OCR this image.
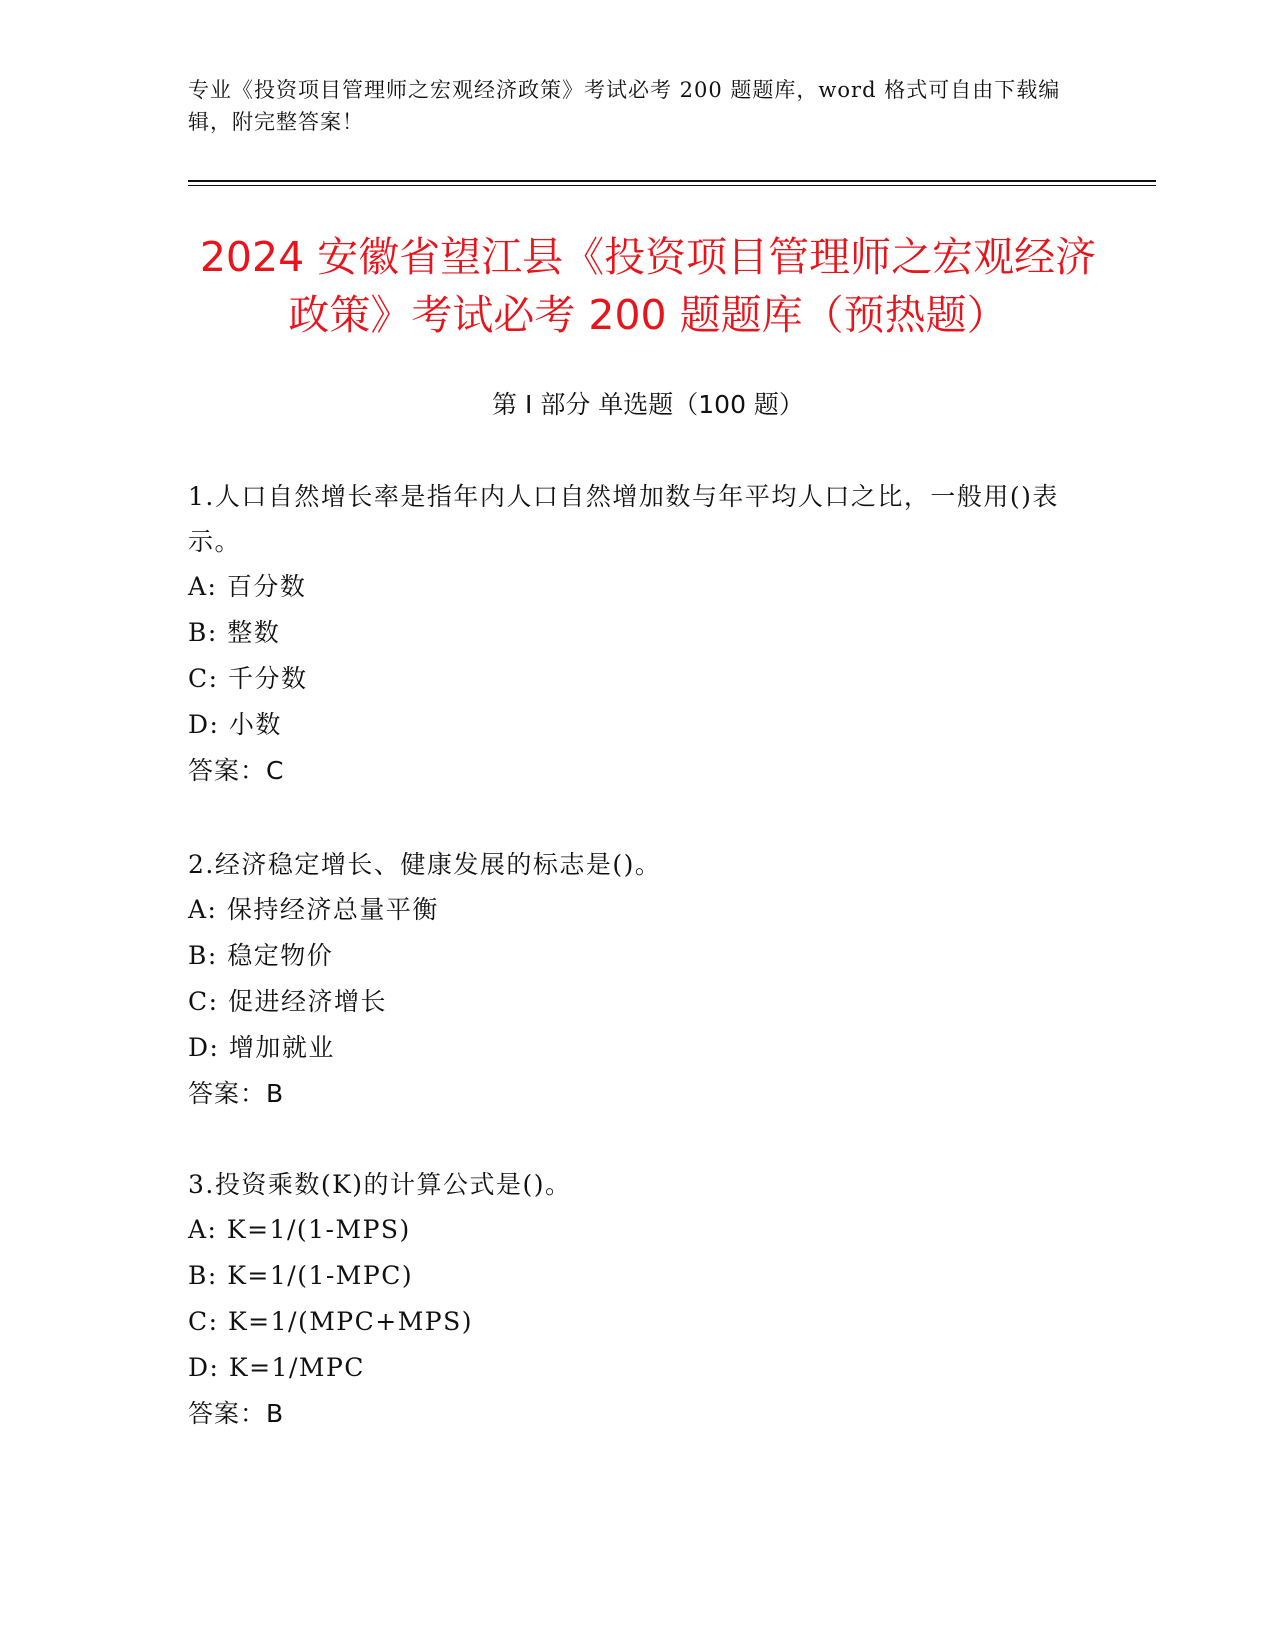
专业《投资项目管理师之宏观经济政策》考试必考 200 题题库，word 格式可自由下载编辑，附完整答案！
2024 安徽省望江县《投资项目管理师之宏观经济政策》考试必考 200 题题库（预热题）
第 I 部分 单选题（100 题）
1.人口自然增长率是指年内人口自然增加数与年平均人口之比，一般用()表示。
A: 百分数
B: 整数
C: 千分数
D: 小数
答案：C
2.经济稳定增长、健康发展的标志是()。
A: 保持经济总量平衡
B: 稳定物价
C: 促进经济增长
D: 增加就业
答案：B
3.投资乘数(K)的计算公式是()。
A: K=1/(1-MPS)
B: K=1/(1-MPC)
C: K=1/(MPC+MPS)
D: K=1/MPC
答案：B
